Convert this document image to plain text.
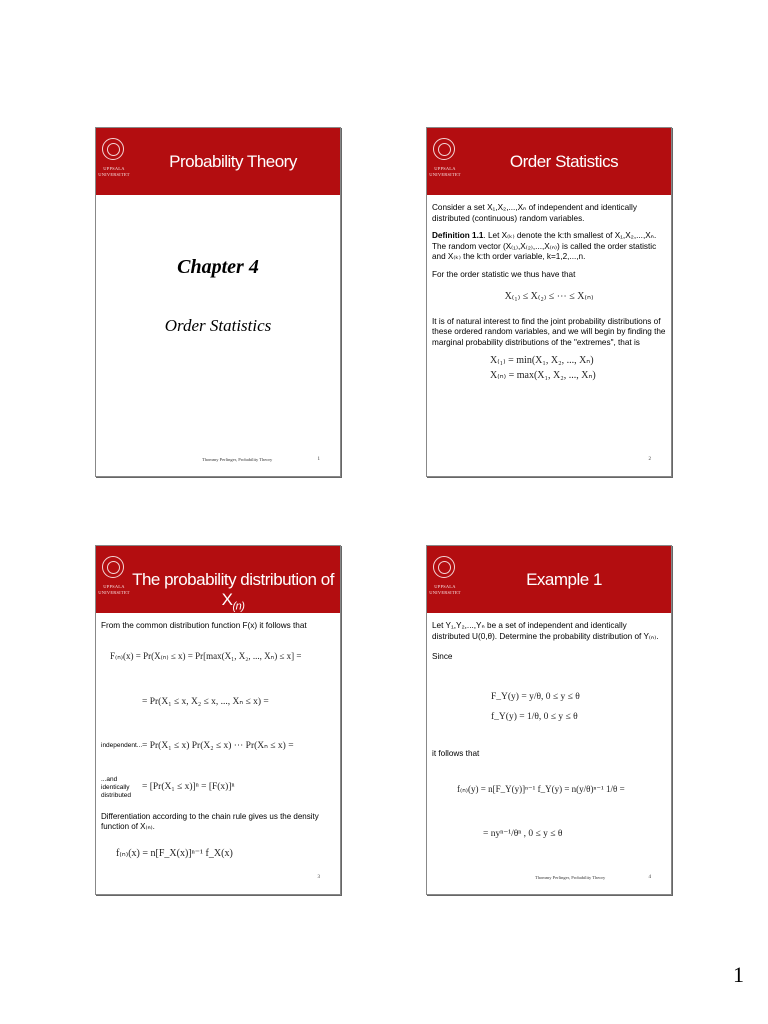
UPPSALA
UNIVERSITET
Probability Theory
Chapter 4
Order Statistics
Thommy Perlinger, Probability Theory	1
UPPSALA
UNIVERSITET
Order Statistics

Consider a set X₁,X₂,...,Xₙ of independent and identically distributed (continuous) random variables.

Definition 1.1. Let X₍ₖ₎ denote the k:th smallest of X₁,X₂,...,Xₙ. The random vector (X₍₁₎,X₍₂₎,...,X₍ₙ₎) is called the order statistic and X₍ₖ₎ the k:th order variable, k=1,2,...,n.

For the order statistic we thus have that

X₍₁₎ ≤ X₍₂₎ ≤ ⋯ ≤ X₍ₙ₎

It is of natural interest to find the joint probability distributions of these ordered random variables, and we will begin by finding the marginal probability distributions of the "extremes", that is

X₍₁₎ = min(X₁, X₂, ..., Xₙ)
X₍ₙ₎ = max(X₁, X₂, ..., Xₙ)
2
UPPSALA
UNIVERSITET
The probability distribution of $X_{(n)}$

From the common distribution function F(x) it follows that

F₍ₙ₎(x) = Pr(X₍ₙ₎ ≤ x) = Pr[max(X₁, X₂, ..., Xₙ) ≤ x] =
= Pr(X₁ ≤ x, X₂ ≤ x, ..., Xₙ ≤ x) =
independent... = Pr(X₁ ≤ x) Pr(X₂ ≤ x) ⋯ Pr(Xₙ ≤ x) =
...and identically distributed
= [Pr(X₁ ≤ x)]ⁿ = [F(x)]ⁿ
Differentiation according to the chain rule gives us the density function of X₍ₙ₎.
f₍ₙ₎(x) = n[F_X(x)]ⁿ⁻¹ f_X(x)
3
UPPSALA
UNIVERSITET
Example 1

Let Y₁,Y₂,...,Yₙ be a set of independent and identically distributed U(0,θ). Determine the probability distribution of Y₍ₙ₎.

Since

F_Y(y) = y/θ, 0 ≤ y ≤ θ
f_Y(y) = 1/θ, 0 ≤ y ≤ θ
it follows that
f₍ₙ₎(y) = n[F_Y(y)]ⁿ⁻¹ f_Y(y) = n(y/θ)ⁿ⁻¹ 1/θ =
= nyⁿ⁻¹/θⁿ , 0 ≤ y ≤ θ
Thommy Perlinger, Probability Theory	4
1
